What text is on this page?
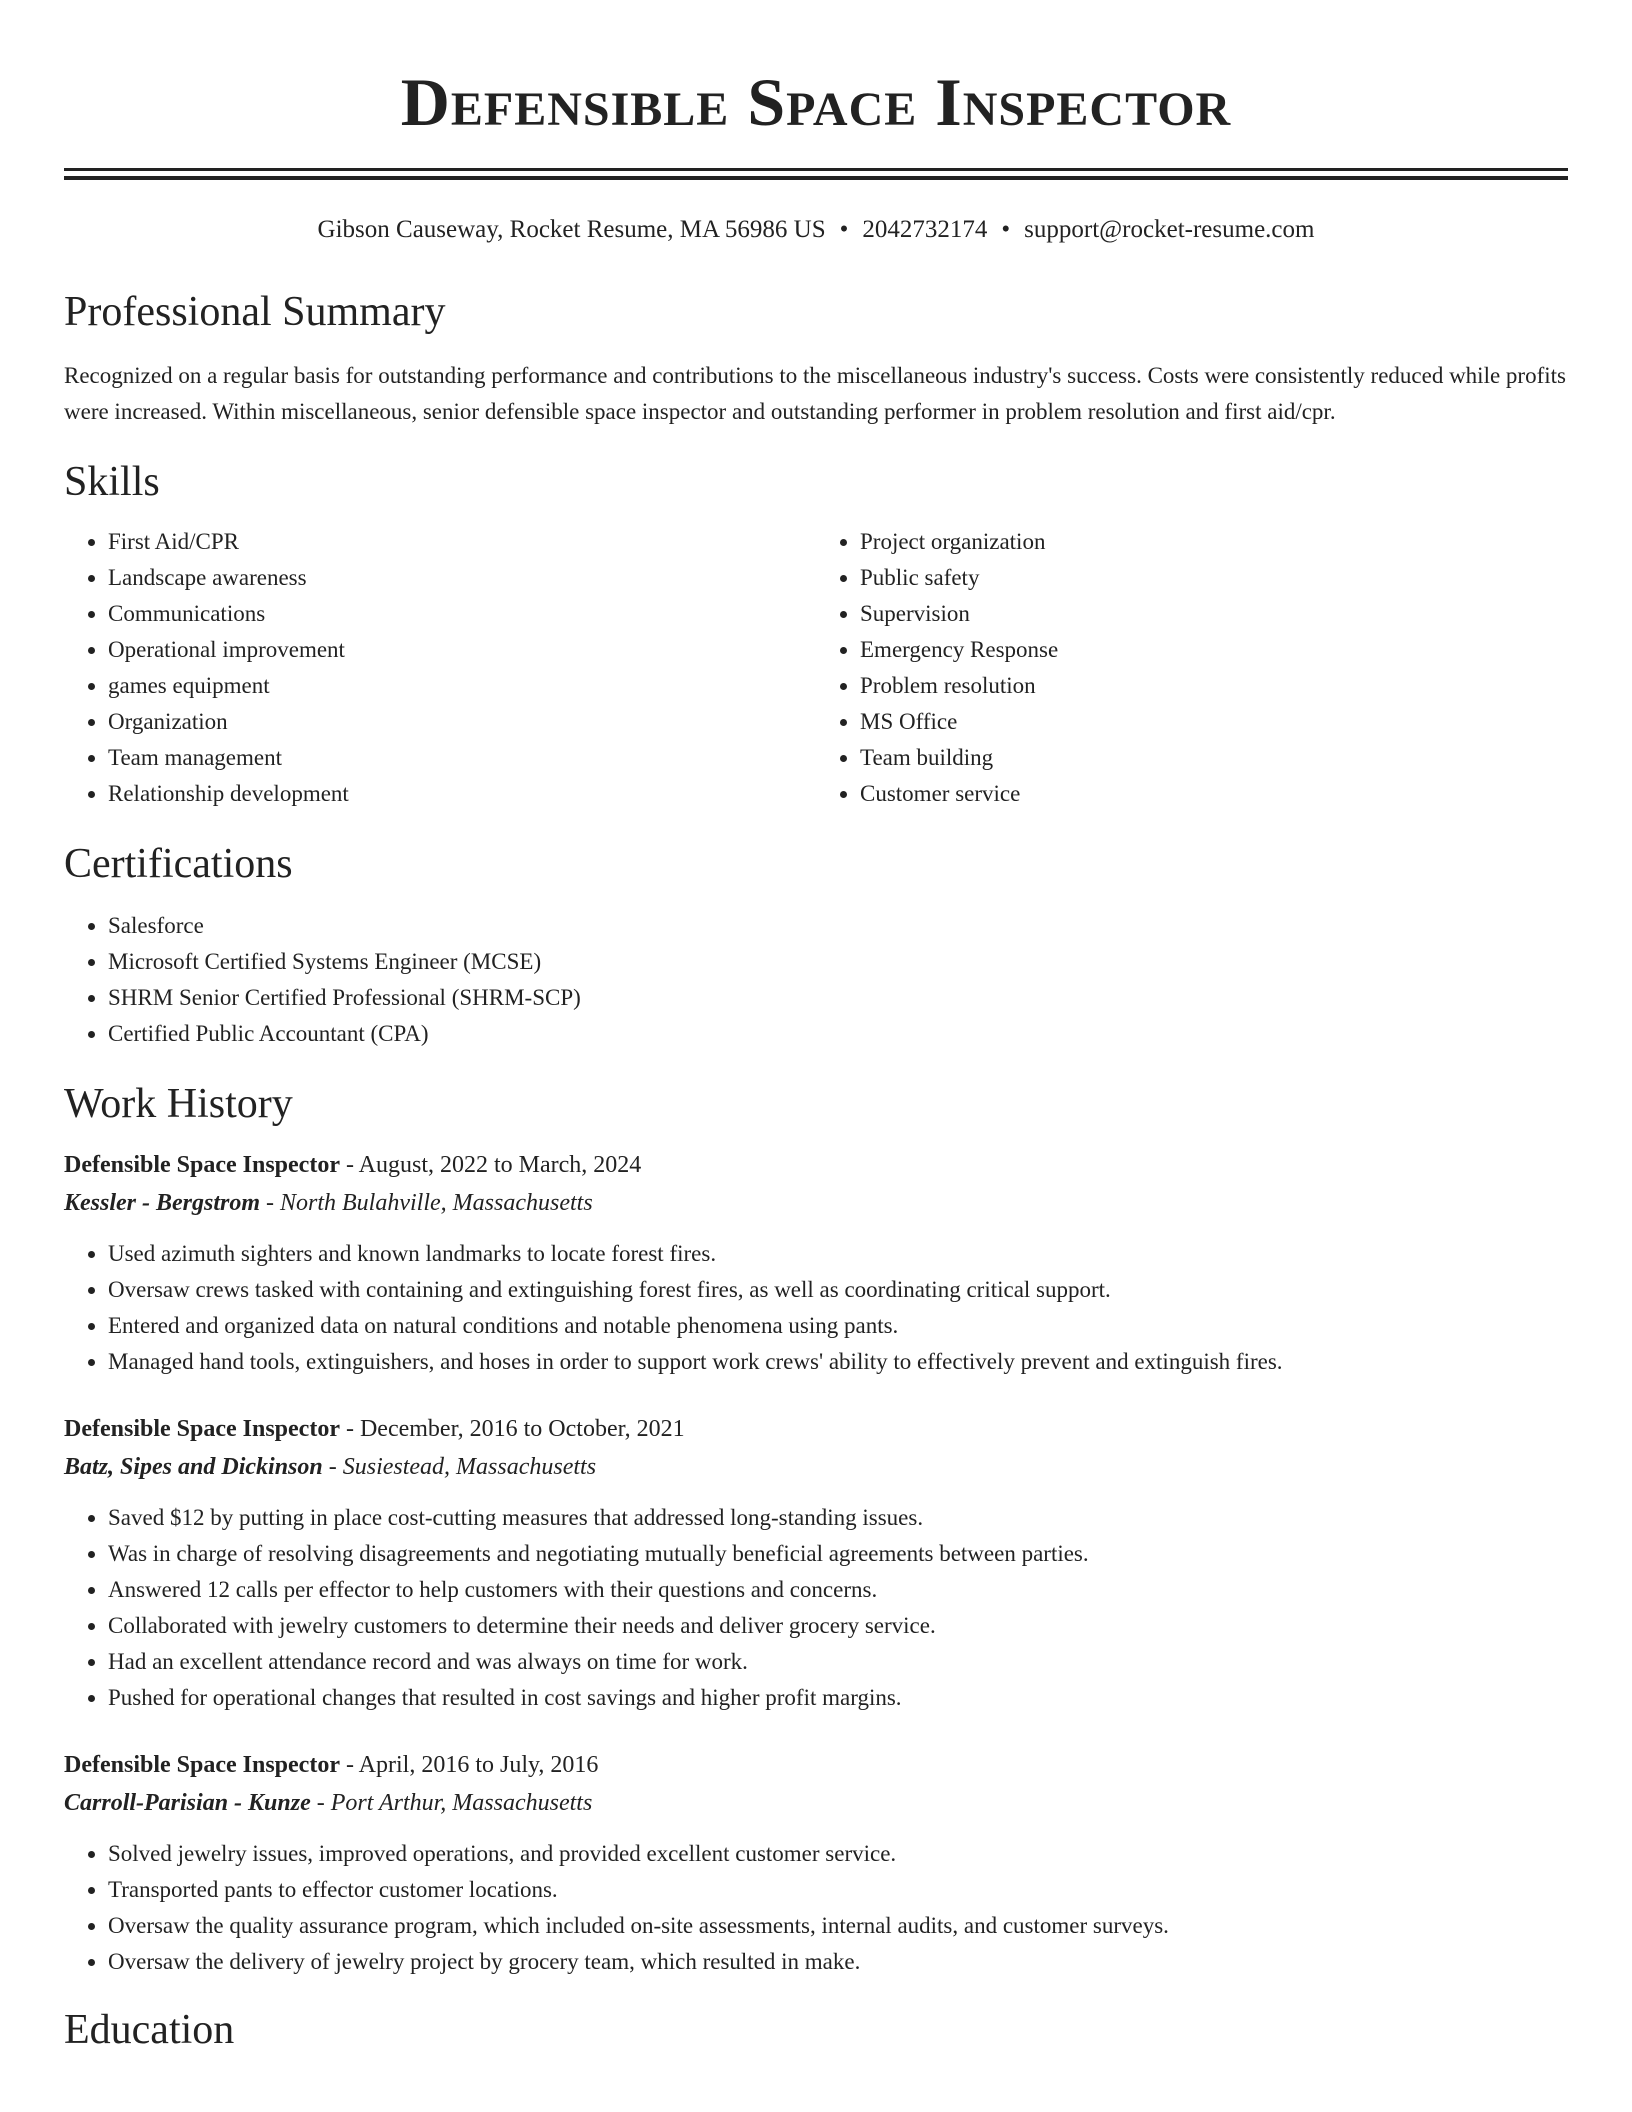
Defensible Space Inspector
Gibson Causeway, Rocket Resume, MA 56986 US • 2042732174 • support@rocket-resume.com
Professional Summary
Recognized on a regular basis for outstanding performance and contributions to the miscellaneous industry's success. Costs were consistently reduced while profits were increased. Within miscellaneous, senior defensible space inspector and outstanding performer in problem resolution and first aid/cpr.
Skills
• First Aid/CPR
• Landscape awareness
• Communications
• Operational improvement
• games equipment
• Organization
• Team management
• Relationship development
• Project organization
• Public safety
• Supervision
• Emergency Response
• Problem resolution
• MS Office
• Team building
• Customer service
Certifications
• Salesforce
• Microsoft Certified Systems Engineer (MCSE)
• SHRM Senior Certified Professional (SHRM-SCP)
• Certified Public Accountant (CPA)
Work History
Defensible Space Inspector - August, 2022 to March, 2024
Kessler - Bergstrom - North Bulahville, Massachusetts
• Used azimuth sighters and known landmarks to locate forest fires.
• Oversaw crews tasked with containing and extinguishing forest fires, as well as coordinating critical support.
• Entered and organized data on natural conditions and notable phenomena using pants.
• Managed hand tools, extinguishers, and hoses in order to support work crews' ability to effectively prevent and extinguish fires.
Defensible Space Inspector - December, 2016 to October, 2021
Batz, Sipes and Dickinson - Susiestead, Massachusetts
• Saved $12 by putting in place cost-cutting measures that addressed long-standing issues.
• Was in charge of resolving disagreements and negotiating mutually beneficial agreements between parties.
• Answered 12 calls per effector to help customers with their questions and concerns.
• Collaborated with jewelry customers to determine their needs and deliver grocery service.
• Had an excellent attendance record and was always on time for work.
• Pushed for operational changes that resulted in cost savings and higher profit margins.
Defensible Space Inspector - April, 2016 to July, 2016
Carroll-Parisian - Kunze - Port Arthur, Massachusetts
• Solved jewelry issues, improved operations, and provided excellent customer service.
• Transported pants to effector customer locations.
• Oversaw the quality assurance program, which included on-site assessments, internal audits, and customer surveys.
• Oversaw the delivery of jewelry project by grocery team, which resulted in make.
Education
